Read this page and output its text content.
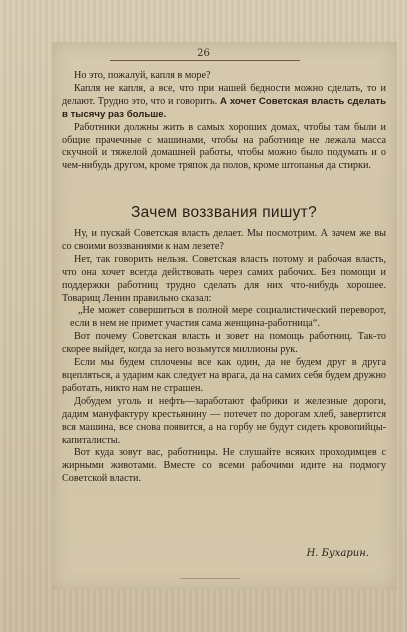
26

Но это, пожалуй, капля в море?

Капля не капля, а все, что при нашей бедности можно сделать, то и делают. Трудно это, что и говорить. А хочет Советская власть сделать в тысячу раз больше.

Работники должны жить в самых хороших домах, чтобы там были и общие прачечные с машинами, чтобы на работнице не лежала масса скучной и тяжелой домашней работы, чтобы можно было подумать и о чем-нибудь другом, кроме тряпок да полов, кроме штопанья да стирки.

Зачем воззвания пишут?

Ну, и пускай Советская власть делает. Мы посмотрим. А зачем же вы со своими воззваниями к нам лезете?

Нет, так говорить нельзя. Советская власть потому и рабочая власть, что она хочет всегда действовать через самих рабочих. Без помощи и поддержки работниц трудно сделать для них что-нибудь хорошее. Товарищ Ленин правильно сказал:

„Не может совершиться в полной мере социалистический переворот, если в нем не примет участия сама женщина-работница“.

Вот почему Советская власть и зовет на помощь работниц. Так-то скорее выйдет, когда за него возьмутся миллионы рук.

Если мы будем сплочены все как один, да не будем друг в друга вцепляться, а ударим как следует на врага, да на самих себя будем дружно работать, никто нам не страшен.

Добудем уголь и нефть—заработают фабрики и железные дороги, дадим мануфактуру крестьянину — потечет по дорогам хлеб, завертится вся машина, все снова появится, а на горбу не будут сидеть кровопийцы-капиталисты.

Вот куда зовут вас, работницы. Не слушайте всяких проходимцев с жирными животами. Вместе со всеми рабочими идите на подмогу Советской власти.

Н. Бухарин.
